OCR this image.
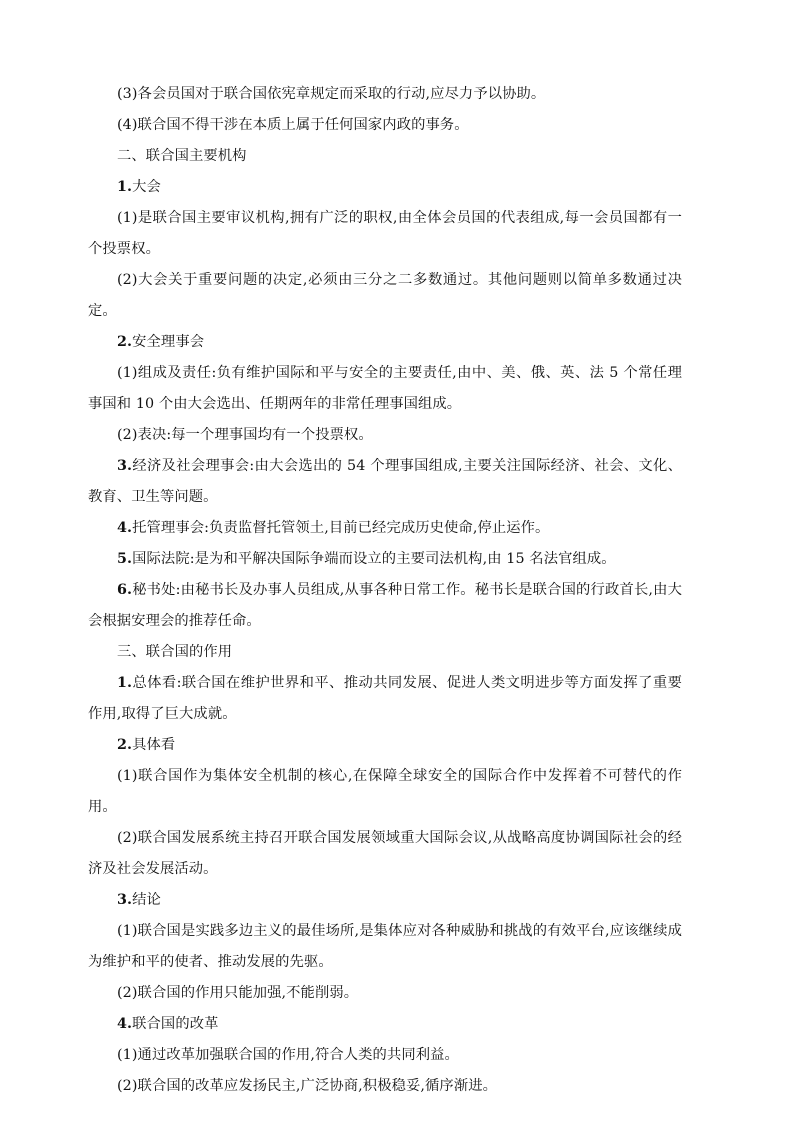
(3)各会员国对于联合国依宪章规定而采取的行动,应尽力予以协助。

(4)联合国不得干涉在本质上属于任何国家内政的事务。

二、联合国主要机构

1.大会

(1)是联合国主要审议机构,拥有广泛的职权,由全体会员国的代表组成,每一会员国都有一个投票权。

(2)大会关于重要问题的决定,必须由三分之二多数通过。其他问题则以简单多数通过决定。

2.安全理事会

(1)组成及责任:负有维护国际和平与安全的主要责任,由中、美、俄、英、法 5 个常任理事国和 10 个由大会选出、任期两年的非常任理事国组成。

(2)表决:每一个理事国均有一个投票权。

3.经济及社会理事会:由大会选出的 54 个理事国组成,主要关注国际经济、社会、文化、教育、卫生等问题。

4.托管理事会:负责监督托管领土,目前已经完成历史使命,停止运作。

5.国际法院:是为和平解决国际争端而设立的主要司法机构,由 15 名法官组成。

6.秘书处:由秘书长及办事人员组成,从事各种日常工作。秘书长是联合国的行政首长,由大会根据安理会的推荐任命。

三、联合国的作用

1.总体看:联合国在维护世界和平、推动共同发展、促进人类文明进步等方面发挥了重要作用,取得了巨大成就。

2.具体看

(1)联合国作为集体安全机制的核心,在保障全球安全的国际合作中发挥着不可替代的作用。

(2)联合国发展系统主持召开联合国发展领域重大国际会议,从战略高度协调国际社会的经济及社会发展活动。

3.结论

(1)联合国是实践多边主义的最佳场所,是集体应对各种威胁和挑战的有效平台,应该继续成为维护和平的使者、推动发展的先驱。

(2)联合国的作用只能加强,不能削弱。

4.联合国的改革

(1)通过改革加强联合国的作用,符合人类的共同利益。

(2)联合国的改革应发扬民主,广泛协商,积极稳妥,循序渐进。
